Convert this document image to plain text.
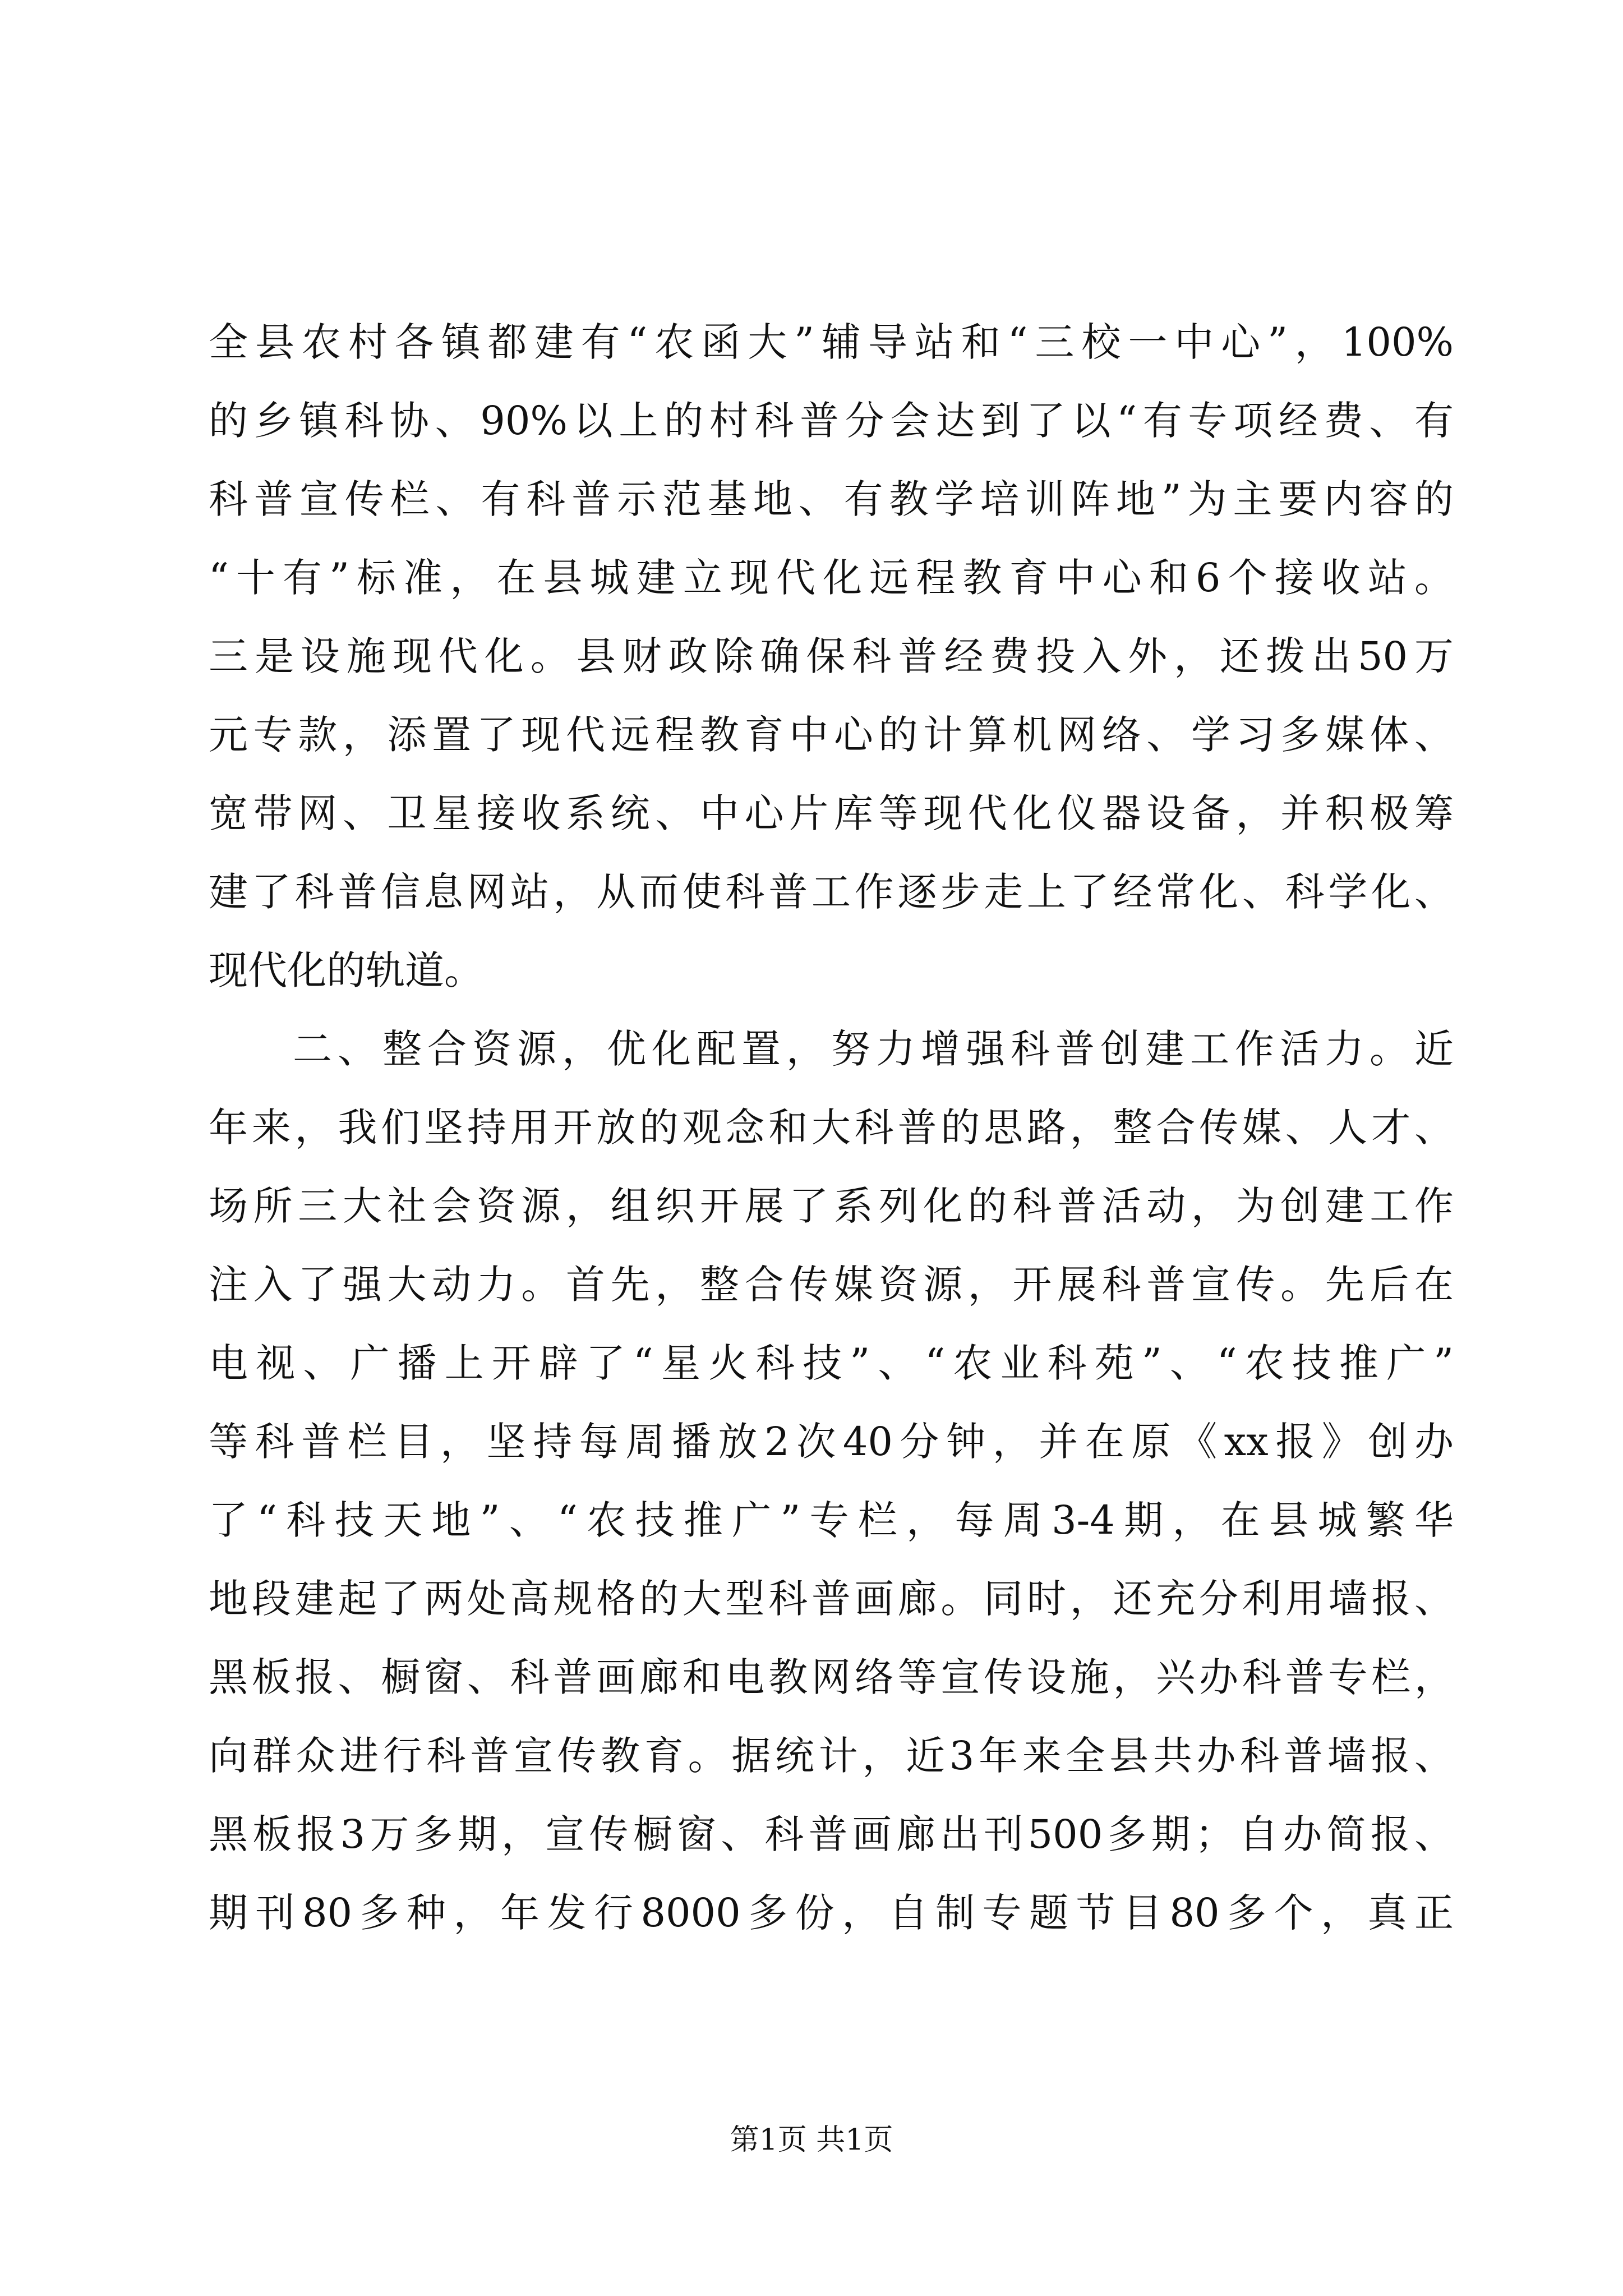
全县农村各镇都建有“农函大”辅导站和“三校一中心”，100%
的乡镇科协、90%以上的村科普分会达到了以“有专项经费、有
科普宣传栏、有科普示范基地、有教学培训阵地”为主要内容的
“十有”标准，在县城建立现代化远程教育中心和6个接收站。
三是设施现代化。县财政除确保科普经费投入外，还拨出50万
元专款，添置了现代远程教育中心的计算机网络、学习多媒体、
宽带网、卫星接收系统、中心片库等现代化仪器设备，并积极筹
建了科普信息网站，从而使科普工作逐步走上了经常化、科学化、
现代化的轨道。
二、整合资源，优化配置，努力增强科普创建工作活力。近
年来，我们坚持用开放的观念和大科普的思路，整合传媒、人才、
场所三大社会资源，组织开展了系列化的科普活动，为创建工作
注入了强大动力。首先，整合传媒资源，开展科普宣传。先后在
电视、广播上开辟了“星火科技”、“农业科苑”、“农技推广”
等科普栏目，坚持每周播放2次40分钟，并在原《xx报》创办
了“科技天地”、“农技推广”专栏，每周3-4期，在县城繁华
地段建起了两处高规格的大型科普画廊。同时，还充分利用墙报、
黑板报、橱窗、科普画廊和电教网络等宣传设施，兴办科普专栏，
向群众进行科普宣传教育。据统计，近3年来全县共办科普墙报、
黑板报3万多期，宣传橱窗、科普画廊出刊500多期；自办简报、
期刊80多种，年发行8000多份，自制专题节目80多个，真正
第1页 共1页
